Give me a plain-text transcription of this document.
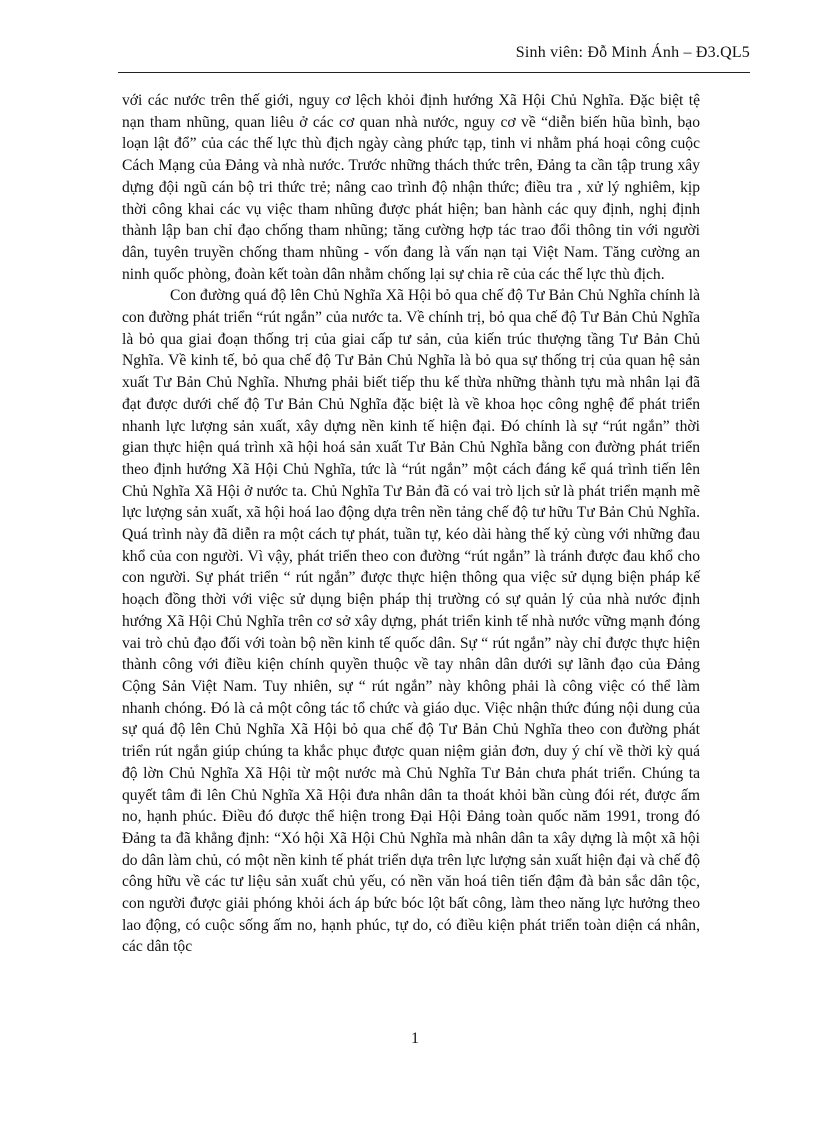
Sinh viên: Đỗ Minh Ánh – Đ3.QL5

với các nước trên thế giới, nguy cơ lệch khỏi định hướng Xã Hội Chủ Nghĩa. Đặc biệt tệ nạn tham nhũng, quan liêu ở các cơ quan nhà nước, nguy cơ về “diễn biến hũa bình, bạo loạn lật đổ” của các thế lực thù địch ngày càng phức tạp, tinh vi nhằm phá hoại công cuộc Cách Mạng của Đảng và nhà nước. Trước những thách thức trên, Đảng ta cần tập trung xây dựng đội ngũ cán bộ tri thức trẻ; nâng cao trình độ nhận thức; điều tra , xử lý nghiêm, kịp thời công khai các vụ việc tham nhũng được phát hiện; ban hành các quy định, nghị định thành lập ban chỉ đạo chống tham nhũng; tăng cường hợp tác trao đổi thông tin với người dân, tuyên truyền chống tham nhũng - vốn đang là vấn nạn tại Việt Nam. Tăng cường an ninh quốc phòng, đoàn kết toàn dân nhằm chống lại sự chia rẽ của các thế lực thù địch.

Con đường quá độ lên Chủ Nghĩa Xã Hội bỏ qua chế độ Tư Bản Chủ Nghĩa chính là con đường phát triển “rút ngắn” của nước ta. Về chính trị, bỏ qua chế độ Tư Bản Chủ Nghĩa là bỏ qua giai đoạn thống trị của giai cấp tư sản, của kiến trúc thượng tầng Tư Bản Chủ Nghĩa. Về kinh tế, bỏ qua chế độ Tư Bản Chủ Nghĩa là bỏ qua sự thống trị của quan hệ sản xuất Tư Bản Chủ Nghĩa. Nhưng phải biết tiếp thu kế thừa những thành tựu mà nhân lại đã đạt được dưới chế độ Tư Bản Chủ Nghĩa đặc biệt là về khoa học công nghệ để phát triển nhanh lực lượng sản xuất, xây dựng nền kinh tế hiện đại. Đó chính là sự “rút ngắn” thời gian thực hiện quá trình xã hội hoá sản xuất Tư Bản Chủ Nghĩa bằng con đường phát triển theo định hướng Xã Hội Chủ Nghĩa, tức là “rút ngắn” một cách đáng kể quá trình tiến lên Chủ Nghĩa Xã Hội ở nước ta. Chủ Nghĩa Tư Bản đã có vai trò lịch sử là phát triển mạnh mẽ lực lượng sản xuất, xã hội hoá lao động dựa trên nền tảng chế độ tư hữu Tư Bản Chủ Nghĩa. Quá trình này đã diễn ra một cách tự phát, tuần tự, kéo dài hàng thế kỷ cùng với những đau khổ của con người. Vì vậy, phát triển theo con đường “rút ngắn” là tránh được đau khổ cho con người. Sự phát triển “ rút ngắn” được thực hiện thông qua việc sử dụng biện pháp kế hoạch đồng thời với việc sử dụng biện pháp thị trường có sự quản lý của nhà nước định hướng Xã Hội Chủ Nghĩa trên cơ sở xây dựng, phát triển kinh tế nhà nước vững mạnh đóng vai trò chủ đạo đối với toàn bộ nền kinh tế quốc dân. Sự “ rút ngắn” này chỉ được thực hiện thành công với điều kiện chính quyền thuộc về tay nhân dân dưới sự lãnh đạo của Đảng Cộng Sản Việt Nam. Tuy nhiên, sự “ rút ngắn” này không phải là công việc có thể làm nhanh chóng. Đó là cả một công tác tổ chức và giáo dục. Việc nhận thức đúng nội dung của sự quá độ lên Chủ Nghĩa Xã Hội bỏ qua chế độ Tư Bản Chủ Nghĩa theo con đường phát triển rút ngắn giúp chúng ta khắc phục được quan niệm giản đơn, duy ý chí về thời kỳ quá độ lờn Chủ Nghĩa Xã Hội từ một nước mà Chủ Nghĩa Tư Bản chưa phát triển. Chúng ta quyết tâm đi lên Chủ Nghĩa Xã Hội đưa nhân dân ta thoát khỏi bần cùng đói rét, được ấm no, hạnh phúc. Điều đó được thể hiện trong Đại Hội Đảng toàn quốc năm 1991, trong đó Đảng ta đã khẳng định: “Xó hội Xã Hội Chủ Nghĩa mà nhân dân ta xây dựng là một xã hội do dân làm chủ, có một nền kinh tế phát triển dựa trên lực lượng sản xuất hiện đại và chế độ công hữu về các tư liệu sản xuất chủ yếu, có nền văn hoá tiên tiến đậm đà bản sắc dân tộc, con người được giải phóng khỏi ách áp bức bóc lột bất công, làm theo năng lực hưởng theo lao động, có cuộc sống ấm no, hạnh phúc, tự do, có điều kiện phát triển toàn diện cá nhân, các dân tộc

1
